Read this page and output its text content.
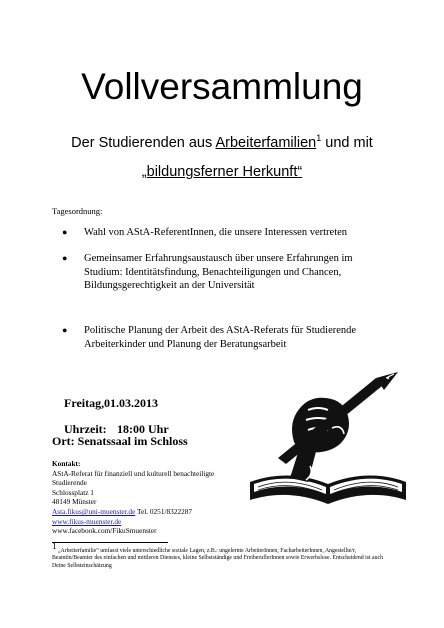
Vollversammlung
Der Studierenden aus Arbeiterfamilien$^1$ und mit
„bildungsferner Herkunft“
Tagesordnung:
● Wahl von AStA-ReferentInnen, die unsere Interessen vertreten
● Gemeinsamer Erfahrungsaustausch über unsere Erfahrungen im Studium: Identitätsfindung, Benachteiligungen und Chancen, Bildungsgerechtigkeit an der Universität
● Politische Planung der Arbeit des AStA-Referats für Studierende Arbeiterkinder und Planung der Beratungsarbeit

Freitag, 01.03.2013

Uhrzeit: 18:00 Uhr

Ort: Senatssaal im Schloss
Kontakt:
AStA-Referat für finanziell und kulturell benachteiligte
Studierende
Schlossplatz 1
48149 Münster
Asta.fikus@uni-muenster.de Tel. 0251/8322287
www.fikus-muenster.de
www.facebook.com/FikuSmuenster
1 „Arbeiterfamilie“ umfasst viele unterschiedliche soziale Lagen, z.B.: ungelernte ArbeiterInnen, FacharbeiterInnen, Angestellte/r, Beamtin/Beamter des einfachen und mittleren Dienstes, kleine Selbstständige und FreiberuflerInnen sowie Erwerbslose. Entscheidend ist auch Deine Selbsteinschätzung
